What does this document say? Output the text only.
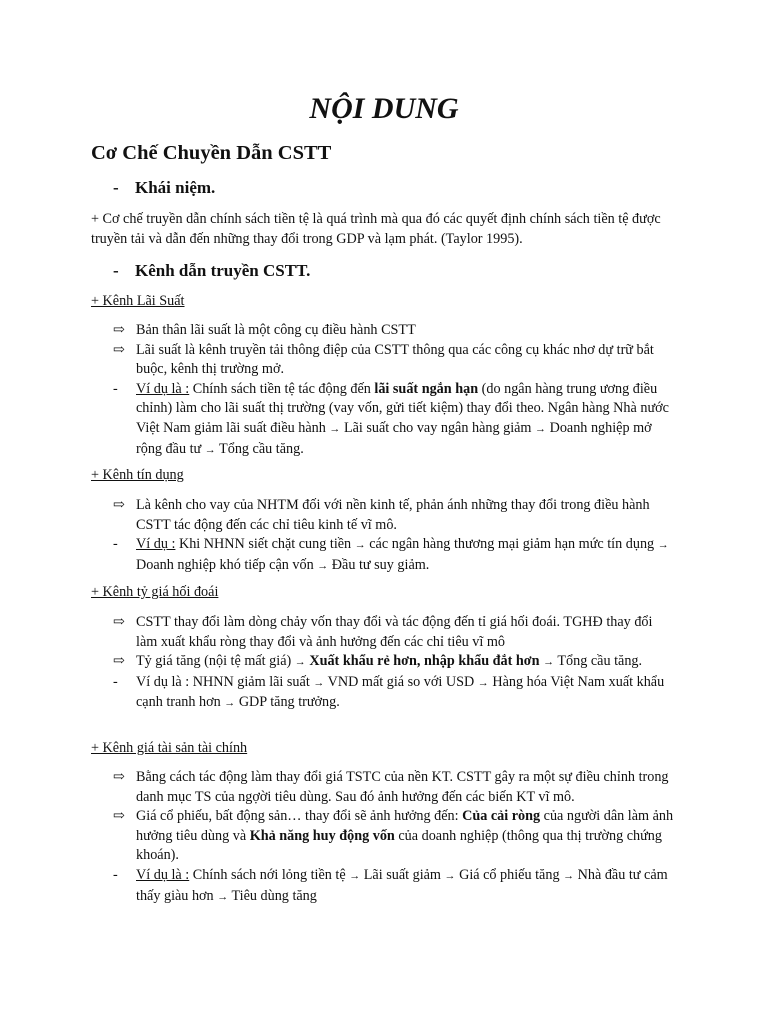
NỘI DUNG
Cơ Chế Chuyền Dẫn CSTT

- Khái niệm.

+ Cơ chế truyền dẫn chính sách tiền tệ là quá trình mà qua đó các quyết định chính sách tiền tệ được truyền tải và dẫn đến những thay đổi trong GDP và lạm phát. (Taylor 1995).

- Kênh dẫn truyền CSTT.

+ Kênh Lãi Suất

⇨ Bản thân lãi suất là một công cụ điều hành CSTT
⇨ Lãi suất là kênh truyền tải thông điệp của CSTT thông qua các công cụ khác nhơ dự trữ bắt buộc, kênh thị trường mở.
-	Ví dụ là : Chính sách tiền tệ tác động đến lãi suất ngắn hạn (do ngân hàng trung ương điều chỉnh) làm cho lãi suất thị trường (vay vốn, gửi tiết kiệm) thay đổi theo. Ngân hàng Nhà nước Việt Nam giảm lãi suất điều hành → Lãi suất cho vay ngân hàng giảm → Doanh nghiệp mở rộng đầu tư → Tổng cầu tăng.

+ Kênh tín dụng

⇨ Là kênh cho vay của NHTM đối với nền kinh tế, phản ánh những thay đổi trong điều hành CSTT tác động đến các chỉ tiêu kinh tế vĩ mô.
-	Ví dụ : Khi NHNN siết chặt cung tiền → các ngân hàng thương mại giảm hạn mức tín dụng → Doanh nghiệp khó tiếp cận vốn → Đầu tư suy giảm.

+ Kênh tỷ giá hối đoái

⇨ CSTT thay đổi làm dòng chảy vốn thay đổi và tác động đến tỉ giá hối đoái. TGHĐ thay đổi làm xuất khẩu ròng thay đổi và ảnh hưởng đến các chỉ tiêu vĩ mô
⇨ Tỷ giá tăng (nội tệ mất giá) → Xuất khẩu rẻ hơn, nhập khẩu đắt hơn → Tổng cầu tăng.
-	Ví dụ là : NHNN giảm lãi suất → VND mất giá so với USD → Hàng hóa Việt Nam xuất khẩu cạnh tranh hơn → GDP tăng trưởng.

+ Kênh giá tài sản tài chính

⇨ Bằng cách tác động làm thay đổi giá TSTC của nền KT. CSTT gây ra một sự điều chỉnh trong danh mục TS của ngợời tiêu dùng. Sau đó ảnh hưởng đến các biến KT vĩ mô.
⇨ Giá cổ phiếu, bất động sản… thay đổi sẽ ảnh hưởng đến: Của cải ròng của người dân làm ảnh hưởng tiêu dùng và Khả năng huy động vốn của doanh nghiệp (thông qua thị trường chứng khoán).
-	Ví dụ là : Chính sách nới lỏng tiền tệ → Lãi suất giảm → Giá cổ phiếu tăng → Nhà đầu tư cảm thấy giàu hơn → Tiêu dùng tăng
